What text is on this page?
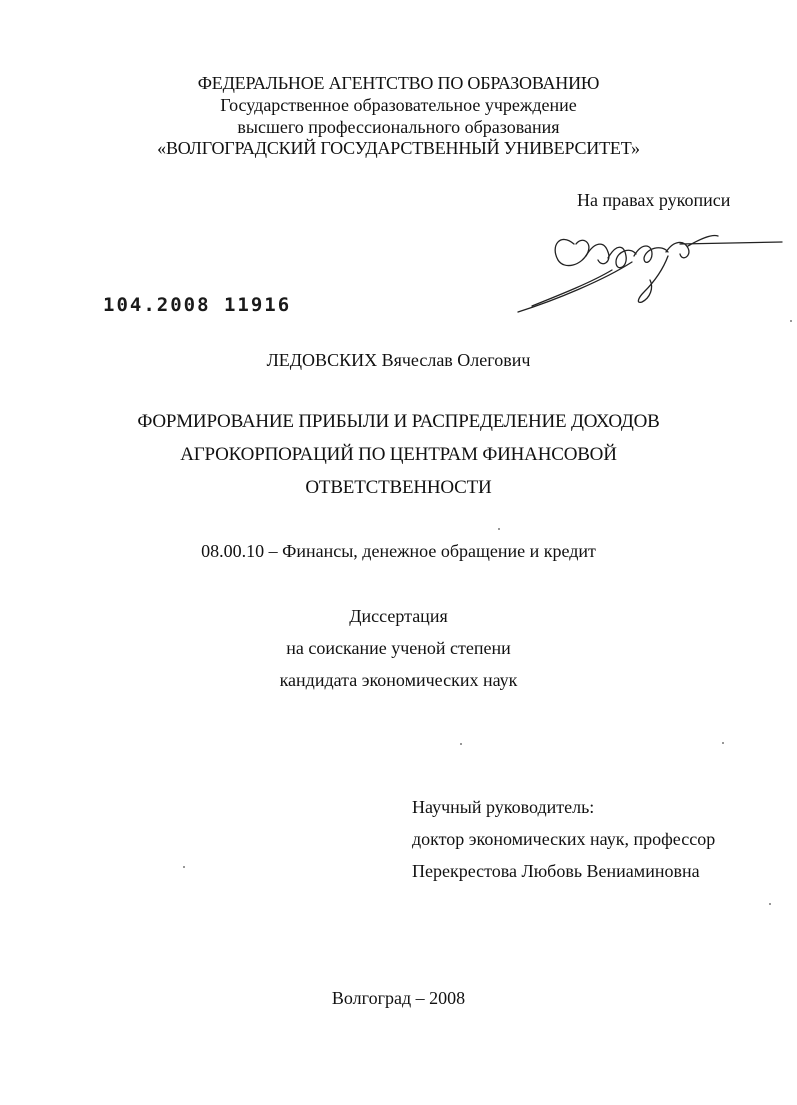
ФЕДЕРАЛЬНОЕ АГЕНТСТВО ПО ОБРАЗОВАНИЮ
Государственное образовательное учреждение
высшего профессионального образования
«ВОЛГОГРАДСКИЙ ГОСУДАРСТВЕННЫЙ УНИВЕРСИТЕТ»
На правах рукописи
104.2008 11916
ЛЕДОВСКИХ Вячеслав Олегович
ФОРМИРОВАНИЕ ПРИБЫЛИ И РАСПРЕДЕЛЕНИЕ ДОХОДОВ
АГРОКОРПОРАЦИЙ ПО ЦЕНТРАМ ФИНАНСОВОЙ
ОТВЕТСТВЕННОСТИ
08.00.10 – Финансы, денежное обращение и кредит
Диссертация
на соискание ученой степени
кандидата экономических наук
Научный руководитель:
доктор экономических наук, профессор
Перекрестова Любовь Вениаминовна
Волгоград – 2008
